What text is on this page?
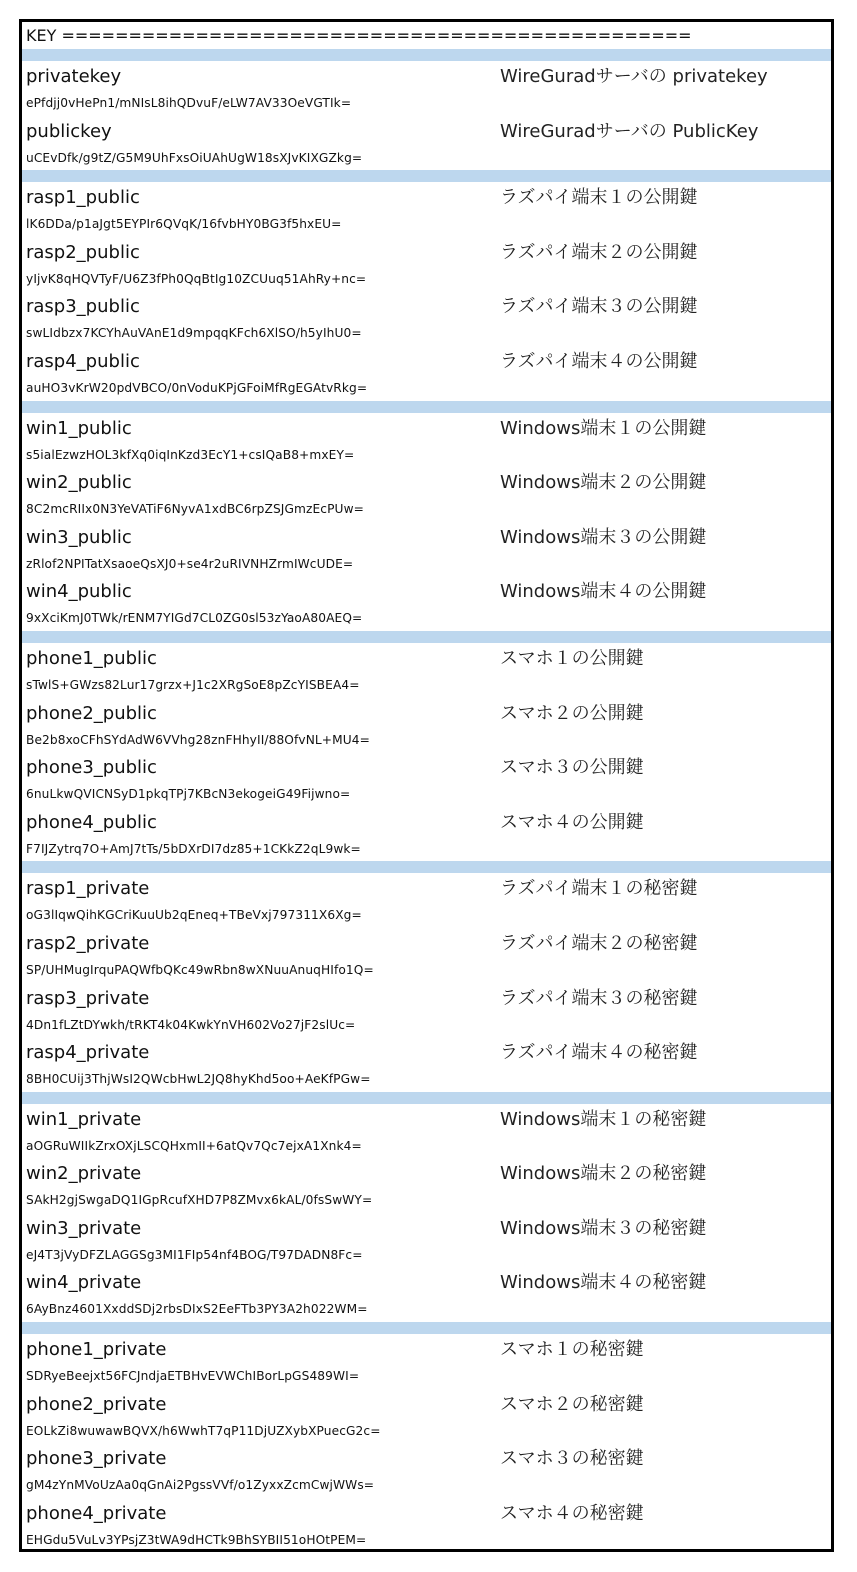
KEY ===============================================
privatekey
ePfdjj0vHePn1/mNIsL8ihQDvuF/eLW7AV33OeVGTIk=
WireGuradサーバの privatekey
publickey
uCEvDfk/g9tZ/G5M9UhFxsOiUAhUgW18sXJvKIXGZkg=
WireGuradサーバの PublicKey
rasp1_public
lK6DDa/p1aJgt5EYPIr6QVqK/16fvbHY0BG3f5hxEU=
ラズパイ端末１の公開鍵
rasp2_public
yIjvK8qHQVTyF/U6Z3fPh0QqBtIg10ZCUuq51AhRy+nc=
ラズパイ端末２の公開鍵
rasp3_public
swLIdbzx7KCYhAuVAnE1d9mpqqKFch6XlSO/h5yIhU0=
ラズパイ端末３の公開鍵
rasp4_public
auHO3vKrW20pdVBCO/0nVoduKPjGFoiMfRgEGAtvRkg=
ラズパイ端末４の公開鍵
win1_public
s5ialEzwzHOL3kfXq0iqInKzd3EcY1+csIQaB8+mxEY=
Windows端末１の公開鍵
win2_public
8C2mcRIIx0N3YeVATiF6NyvA1xdBC6rpZSJGmzEcPUw=
Windows端末２の公開鍵
win3_public
zRlof2NPITatXsaoeQsXJ0+se4r2uRIVNHZrmIWcUDE=
Windows端末３の公開鍵
win4_public
9xXciKmJ0TWk/rENM7YIGd7CL0ZG0sl53zYaoA80AEQ=
Windows端末４の公開鍵
phone1_public
sTwlS+GWzs82Lur17grzx+J1c2XRgSoE8pZcYISBEA4=
スマホ１の公開鍵
phone2_public
Be2b8xoCFhSYdAdW6VVhg28znFHhyII/88OfvNL+MU4=
スマホ２の公開鍵
phone3_public
6nuLkwQVICNSyD1pkqTPj7KBcN3ekogeiG49Fijwno=
スマホ３の公開鍵
phone4_public
F7IJZytrq7O+AmJ7tTs/5bDXrDI7dz85+1CKkZ2qL9wk=
スマホ４の公開鍵
rasp1_private
oG3lIqwQihKGCriKuuUb2qEneq+TBeVxj797311X6Xg=
ラズパイ端末１の秘密鍵
rasp2_private
SP/UHMugIrquPAQWfbQKc49wRbn8wXNuuAnuqHIfo1Q=
ラズパイ端末２の秘密鍵
rasp3_private
4Dn1fLZtDYwkh/tRKT4k04KwkYnVH602Vo27jF2slUc=
ラズパイ端末３の秘密鍵
rasp4_private
8BH0CUij3ThjWsI2QWcbHwL2JQ8hyKhd5oo+AeKfPGw=
ラズパイ端末４の秘密鍵
win1_private
aOGRuWIIkZrxOXjLSCQHxmII+6atQv7Qc7ejxA1Xnk4=
Windows端末１の秘密鍵
win2_private
SAkH2gjSwgaDQ1IGpRcufXHD7P8ZMvx6kAL/0fsSwWY=
Windows端末２の秘密鍵
win3_private
eJ4T3jVyDFZLAGGSg3MI1FIp54nf4BOG/T97DADN8Fc=
Windows端末３の秘密鍵
win4_private
6AyBnz4601XxddSDj2rbsDIxS2EeFTb3PY3A2h022WM=
Windows端末４の秘密鍵
phone1_private
SDRyeBeejxt56FCJndjaETBHvEVWChIBorLpGS489WI=
スマホ１の秘密鍵
phone2_private
EOLkZi8wuwawBQVX/h6WwhT7qP11DjUZXybXPuecG2c=
スマホ２の秘密鍵
phone3_private
gM4zYnMVoUzAa0qGnAi2PgssVVf/o1ZyxxZcmCwjWWs=
スマホ３の秘密鍵
phone4_private
EHGdu5VuLv3YPsjZ3tWA9dHCTk9BhSYBII51oHOtPEM=
スマホ４の秘密鍵
